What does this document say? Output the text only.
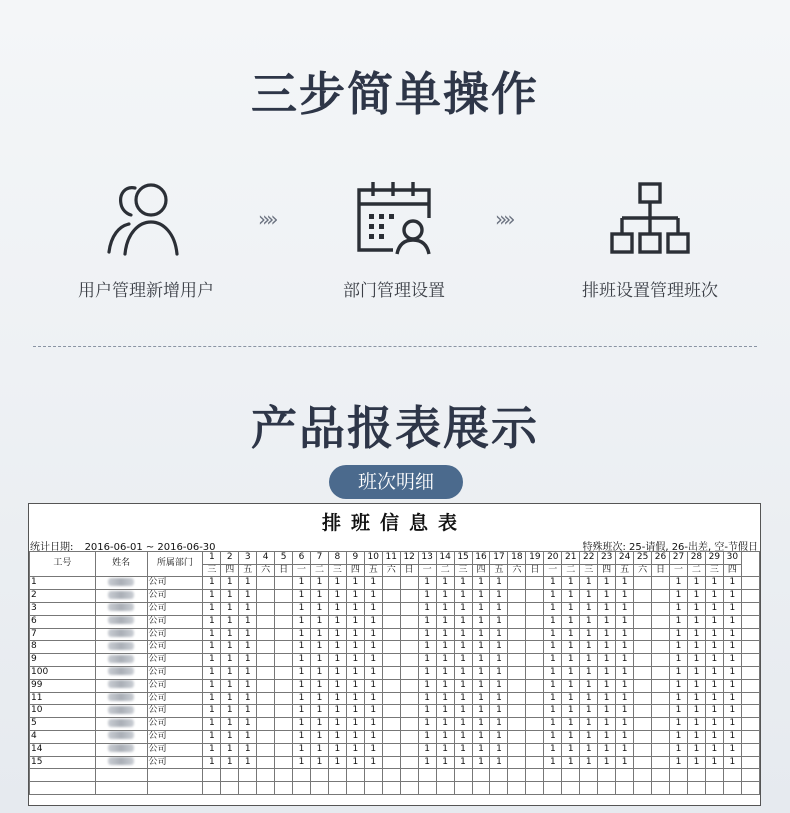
三步简单操作
用户管理新增用户
»»
部门管理设置
»»
排班设置管理班次
产品报表展示
班次明细
排班信息表
统计日期: 2016-06-01 ~ 2016-06-30	特殊班次: 25-请假, 26-出差, 空-节假日
工号	姓名	所属部门	1	2	3	4	5	6	7	8	9	10	11	12	13	14	15	16	17	18	19	20	21	22	23	24	25	26	27	28	29	30	
			三	四	五	六	日	一	二	三	四	五	六	日	一	二	三	四	五	六	日	一	二	三	四	五	六	日	一	二	三	四	
1		公司	1	1	1			1	1	1	1	1			1	1	1	1	1			1	1	1	1	1			1	1	1	1	
2		公司	1	1	1			1	1	1	1	1			1	1	1	1	1			1	1	1	1	1			1	1	1	1	
3		公司	1	1	1			1	1	1	1	1			1	1	1	1	1			1	1	1	1	1			1	1	1	1	
6		公司	1	1	1			1	1	1	1	1			1	1	1	1	1			1	1	1	1	1			1	1	1	1	
7		公司	1	1	1			1	1	1	1	1			1	1	1	1	1			1	1	1	1	1			1	1	1	1	
8		公司	1	1	1			1	1	1	1	1			1	1	1	1	1			1	1	1	1	1			1	1	1	1	
9		公司	1	1	1			1	1	1	1	1			1	1	1	1	1			1	1	1	1	1			1	1	1	1	
100		公司	1	1	1			1	1	1	1	1			1	1	1	1	1			1	1	1	1	1			1	1	1	1	
99		公司	1	1	1			1	1	1	1	1			1	1	1	1	1			1	1	1	1	1			1	1	1	1	
11		公司	1	1	1			1	1	1	1	1			1	1	1	1	1			1	1	1	1	1			1	1	1	1	
10		公司	1	1	1			1	1	1	1	1			1	1	1	1	1			1	1	1	1	1			1	1	1	1	
5		公司	1	1	1			1	1	1	1	1			1	1	1	1	1			1	1	1	1	1			1	1	1	1	
4		公司	1	1	1			1	1	1	1	1			1	1	1	1	1			1	1	1	1	1			1	1	1	1	
14		公司	1	1	1			1	1	1	1	1			1	1	1	1	1			1	1	1	1	1			1	1	1	1	
15		公司	1	1	1			1	1	1	1	1			1	1	1	1	1			1	1	1	1	1			1	1	1	1	
